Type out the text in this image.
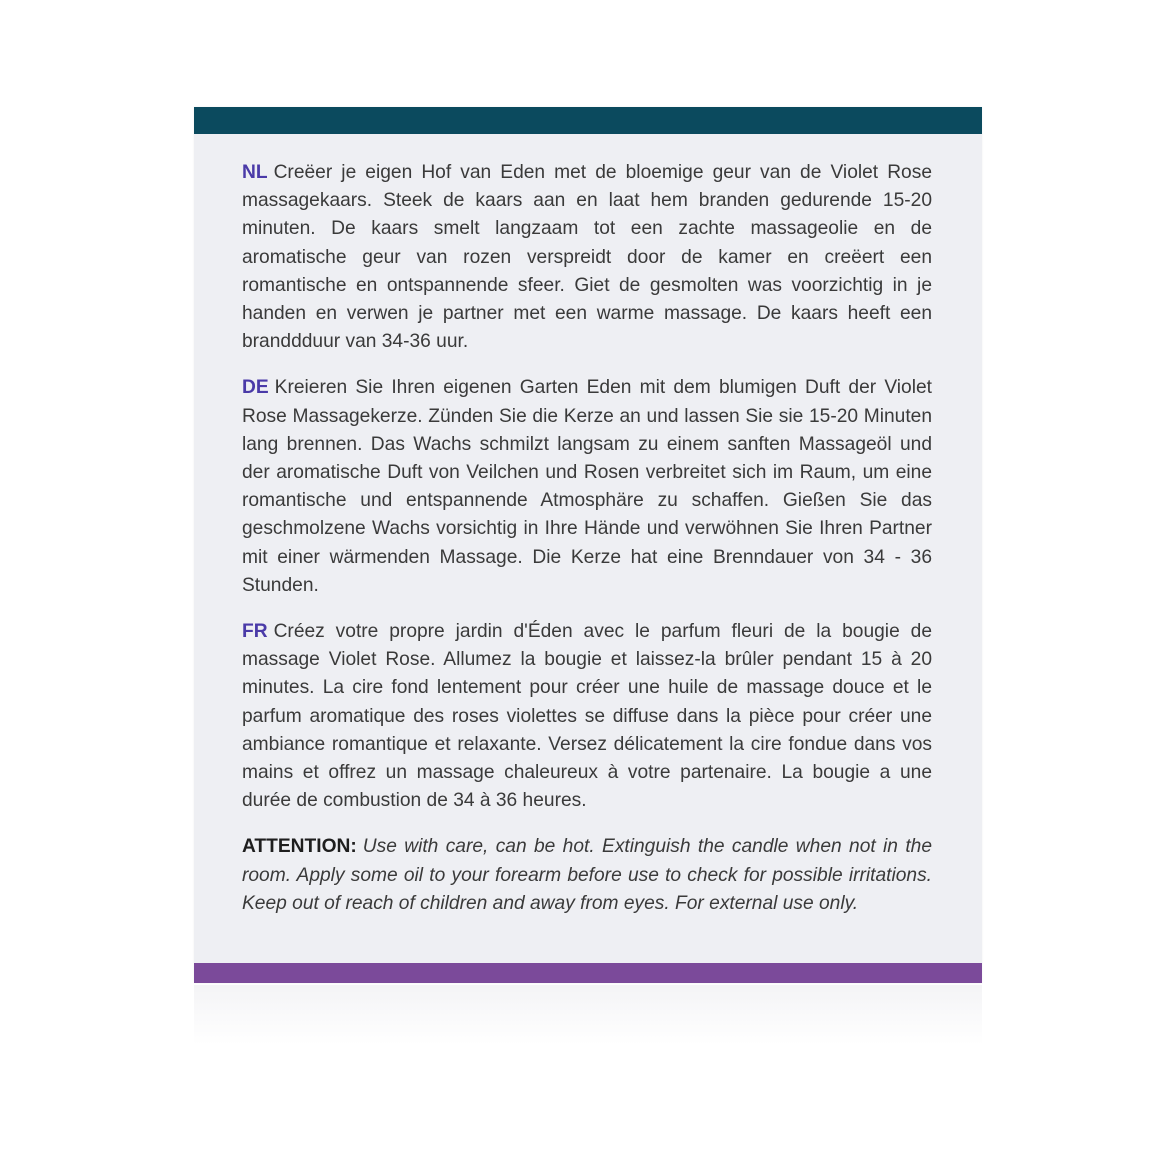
NL Creëer je eigen Hof van Eden met de bloemige geur van de Violet Rose massagekaars. Steek de kaars aan en laat hem branden gedurende 15-20 minuten. De kaars smelt langzaam tot een zachte massageolie en de aromatische geur van rozen verspreidt door de kamer en creëert een romantische en ontspannende sfeer. Giet de gesmolten was voorzichtig in je handen en verwen je partner met een warme massage. De kaars heeft een branddduur van 34-36 uur.

DE Kreieren Sie Ihren eigenen Garten Eden mit dem blumigen Duft der Violet Rose Massagekerze. Zünden Sie die Kerze an und lassen Sie sie 15-20 Minuten lang brennen. Das Wachs schmilzt langsam zu einem sanften Massageöl und der aromatische Duft von Veilchen und Rosen verbreitet sich im Raum, um eine romantische und entspannende Atmosphäre zu schaffen. Gießen Sie das geschmolzene Wachs vorsichtig in Ihre Hände und verwöhnen Sie Ihren Partner mit einer wärmenden Massage. Die Kerze hat eine Brenndauer von 34 - 36 Stunden.

FR Créez votre propre jardin d'Éden avec le parfum fleuri de la bougie de massage Violet Rose. Allumez la bougie et laissez-la brûler pendant 15 à 20 minutes. La cire fond lentement pour créer une huile de massage douce et le parfum aromatique des roses violettes se diffuse dans la pièce pour créer une ambiance romantique et relaxante. Versez délicatement la cire fondue dans vos mains et offrez un massage chaleureux à votre partenaire. La bougie a une durée de combustion de 34 à 36 heures.

ATTENTION: Use with care, can be hot. Extinguish the candle when not in the room. Apply some oil to your forearm before use to check for possible irritations. Keep out of reach of children and away from eyes. For external use only.
